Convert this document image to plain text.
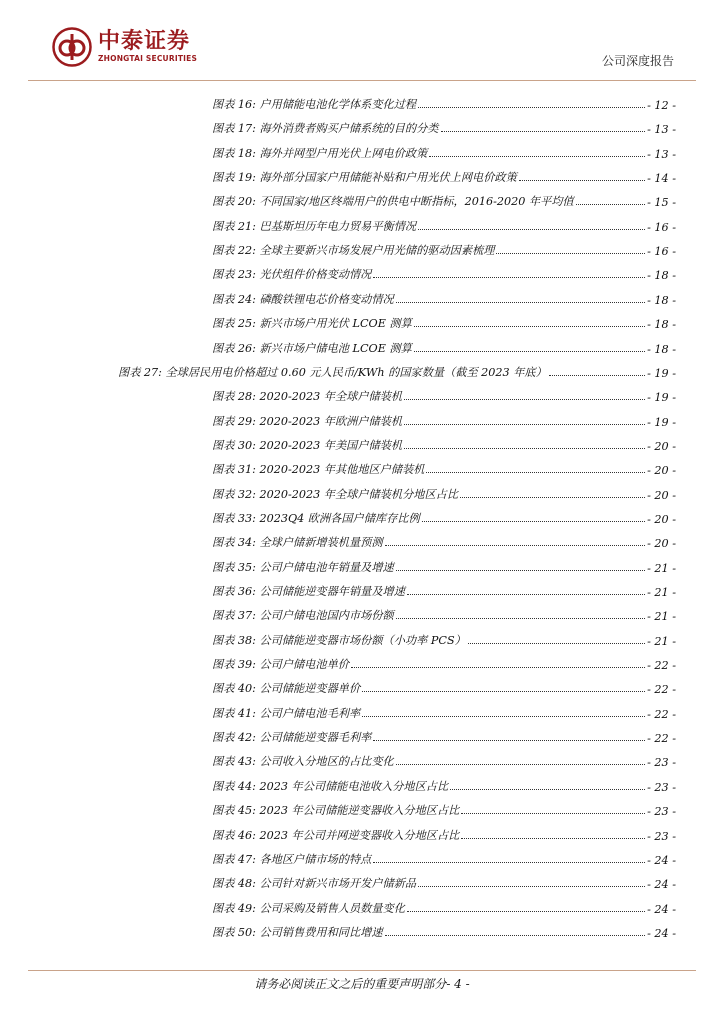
中泰证券
ZHONGTAI SECURITIES	公司深度报告
图表 16: 户用储能电池化学体系变化过程	- 12 -
图表 17: 海外消费者购买户储系统的目的分类	- 13 -
图表 18: 海外并网型户用光伏上网电价政策	- 13 -
图表 19: 海外部分国家户用储能补贴和户用光伏上网电价政策	- 14 -
图表 20: 不同国家/地区终端用户的供电中断指标，2016-2020 年平均值	- 15 -
图表 21: 巴基斯坦历年电力贸易平衡情况	- 16 -
图表 22: 全球主要新兴市场发展户用光储的驱动因素梳理	- 16 -
图表 23: 光伏组件价格变动情况	- 18 -
图表 24: 磷酸铁锂电芯价格变动情况	- 18 -
图表 25: 新兴市场户用光伏 LCOE 测算	- 18 -
图表 26: 新兴市场户储电池 LCOE 测算	- 18 -
图表 27: 全球居民用电价格超过 0.60 元人民币/KWh 的国家数量（截至 2023 年底）	- 19 -
图表 28: 2020-2023 年全球户储装机	- 19 -
图表 29: 2020-2023 年欧洲户储装机	- 19 -
图表 30: 2020-2023 年美国户储装机	- 20 -
图表 31: 2020-2023 年其他地区户储装机	- 20 -
图表 32: 2020-2023 年全球户储装机分地区占比	- 20 -
图表 33: 2023Q4 欧洲各国户储库存比例	- 20 -
图表 34: 全球户储新增装机量预测	- 20 -
图表 35: 公司户储电池年销量及增速	- 21 -
图表 36: 公司储能逆变器年销量及增速	- 21 -
图表 37: 公司户储电池国内市场份额	- 21 -
图表 38: 公司储能逆变器市场份额（小功率 PCS）	- 21 -
图表 39: 公司户储电池单价	- 22 -
图表 40: 公司储能逆变器单价	- 22 -
图表 41: 公司户储电池毛利率	- 22 -
图表 42: 公司储能逆变器毛利率	- 22 -
图表 43: 公司收入分地区的占比变化	- 23 -
图表 44: 2023 年公司储能电池收入分地区占比	- 23 -
图表 45: 2023 年公司储能逆变器收入分地区占比	- 23 -
图表 46: 2023 年公司并网逆变器收入分地区占比	- 23 -
图表 47: 各地区户储市场的特点	- 24 -
图表 48: 公司针对新兴市场开发户储新品	- 24 -
图表 49: 公司采购及销售人员数量变化	- 24 -
图表 50: 公司销售费用和同比增速	- 24 -
请务必阅读正文之后的重要声明部分- 4 -
